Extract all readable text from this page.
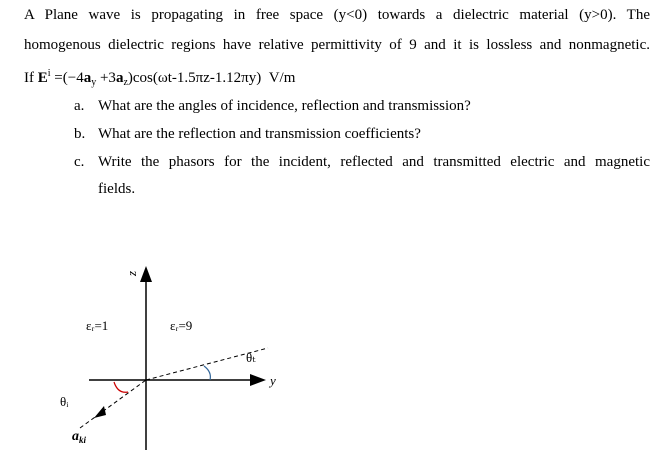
A Plane wave is propagating in free space (y<0) towards a dielectric material (y>0). The
homogenous dielectric regions have relative permittivity of 9 and it is lossless and nonmagnetic.
If $E^i =(-4a_y +3a_z)\cos(\omega t-1.5\pi z-1.12\pi y)$ V/m
a. What are the angles of incidence, reflection and transmission?
b. What are the reflection and transmission coefficients?
c. Write the phasors for the incident, reflected and transmitted electric and magnetic
fields.
z
y
εᵣ=1	εᵣ=9
θᵢ
θₜ
$a_{ki}$
